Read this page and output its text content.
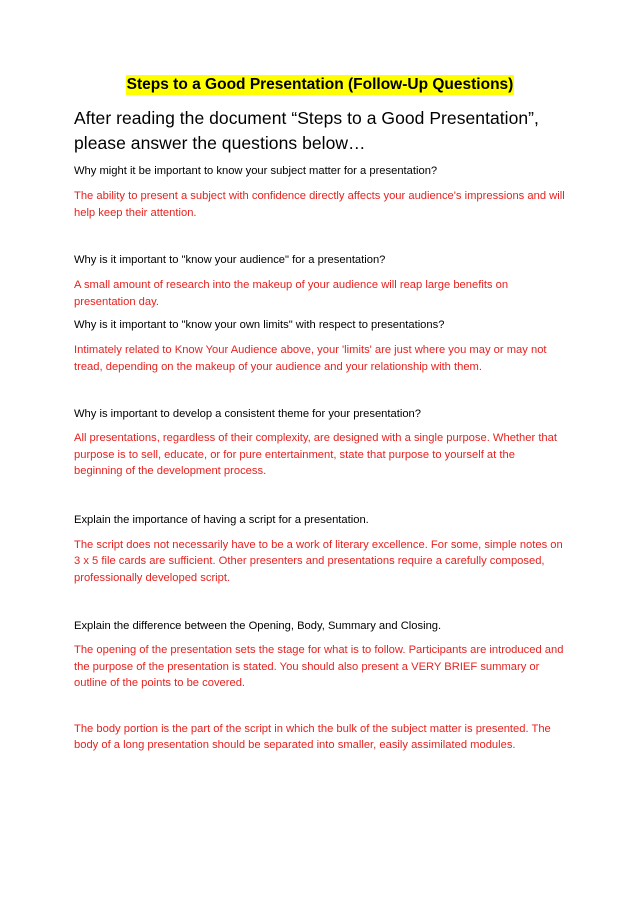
Steps to a Good Presentation (Follow-Up Questions)
After reading the document “Steps to a Good Presentation”, please answer the questions below…

Why might it be important to know your subject matter for a presentation?

The ability to present a subject with confidence directly affects your audience's impressions and will help keep their attention.

Why is it important to "know your audience" for a presentation?

A small amount of research into the makeup of your audience will reap large benefits on presentation day.

Why is it important to "know your own limits" with respect to presentations?

Intimately related to Know Your Audience above, your 'limits' are just where you may or may not tread, depending on the makeup of your audience and your relationship with them.

Why is important to develop a consistent theme for your presentation?

All presentations, regardless of their complexity, are designed with a single purpose. Whether that purpose is to sell, educate, or for pure entertainment, state that purpose to yourself at the beginning of the development process.

Explain the importance of having a script for a presentation.

The script does not necessarily have to be a work of literary excellence. For some, simple notes on 3 x 5 file cards are sufficient. Other presenters and presentations require a carefully composed, professionally developed script.

Explain the difference between the Opening, Body, Summary and Closing.

The opening of the presentation sets the stage for what is to follow. Participants are introduced and the purpose of the presentation is stated. You should also present a VERY BRIEF summary or outline of the points to be covered.

The body portion is the part of the script in which the bulk of the subject matter is presented. The body of a long presentation should be separated into smaller, easily assimilated modules.
